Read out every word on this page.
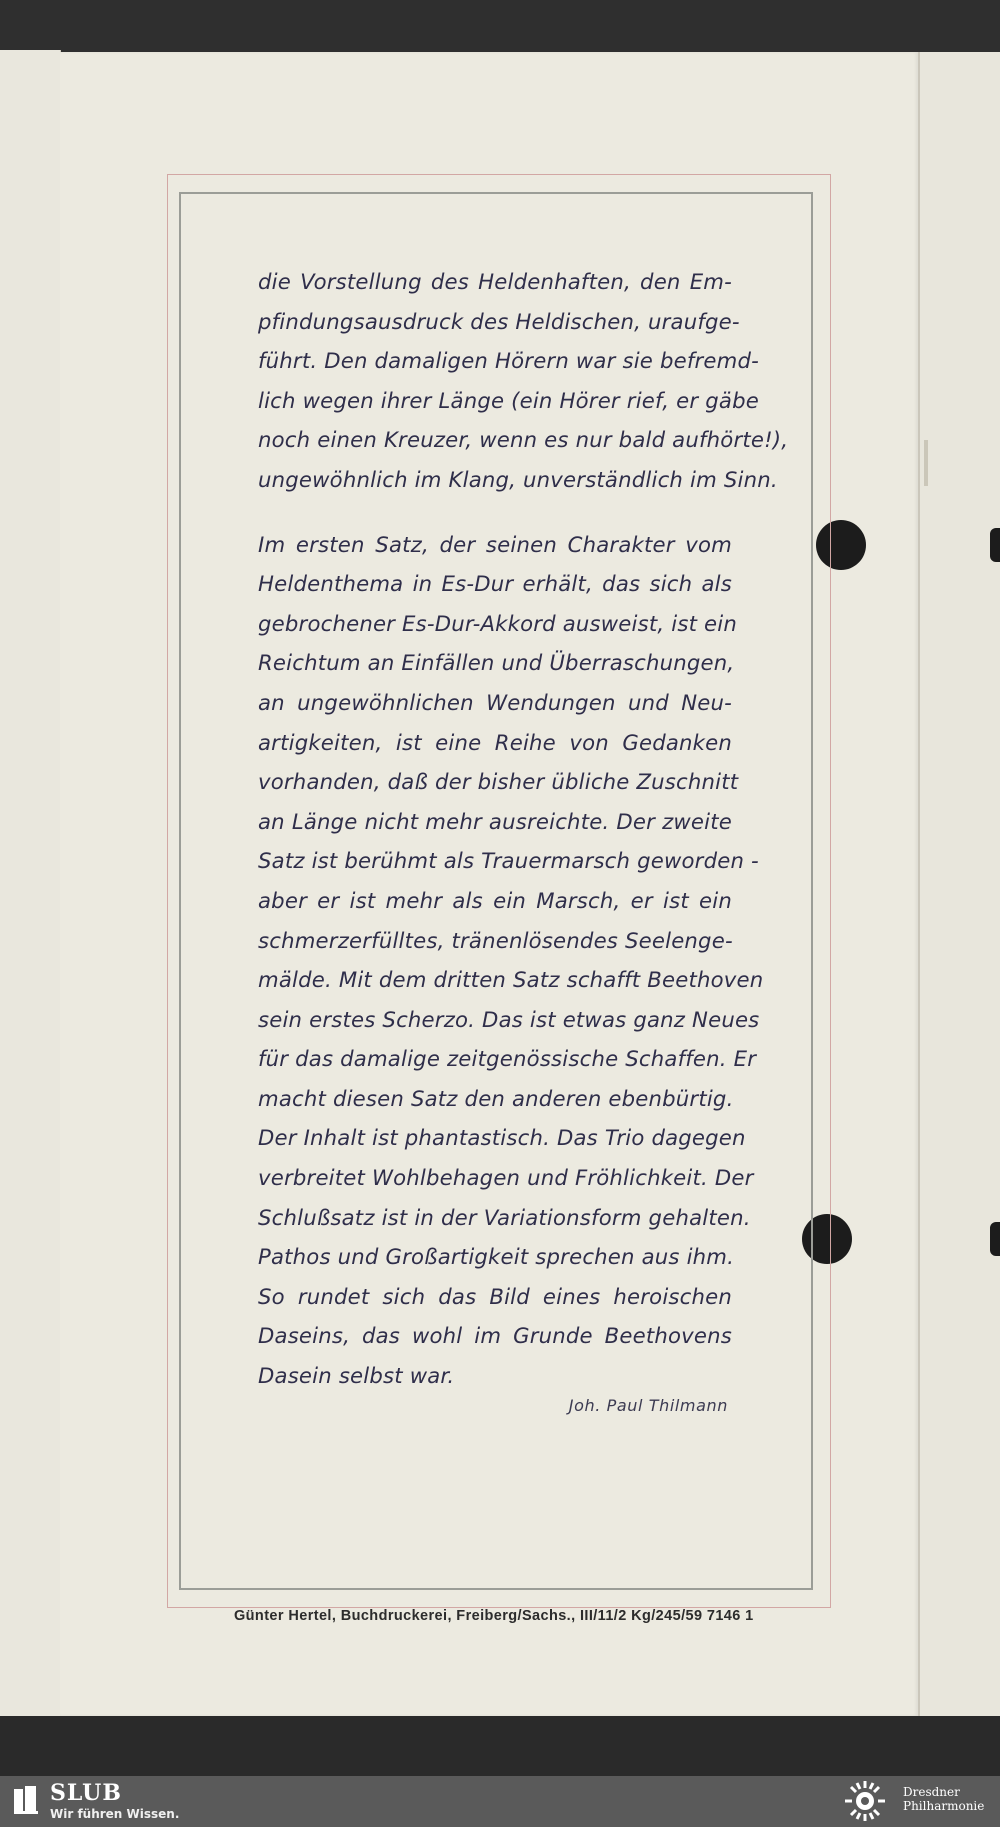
die Vorstellung des Heldenhaften, den Em-
pfindungsausdruck des Heldischen, uraufge-
führt. Den damaligen Hörern war sie befremd-
lich wegen ihrer Länge (ein Hörer rief, er gäbe
noch einen Kreuzer, wenn es nur bald aufhörte!),
ungewöhnlich im Klang, unverständlich im Sinn.

Im ersten Satz, der seinen Charakter vom
Heldenthema in Es-Dur erhält, das sich als
gebrochener Es-Dur-Akkord ausweist, ist ein
Reichtum an Einfällen und Überraschungen,
an ungewöhnlichen Wendungen und Neu-
artigkeiten, ist eine Reihe von Gedanken
vorhanden, daß der bisher übliche Zuschnitt
an Länge nicht mehr ausreichte. Der zweite
Satz ist berühmt als Trauermarsch geworden -
aber er ist mehr als ein Marsch, er ist ein
schmerzerfülltes, tränenlösendes Seelenge-
mälde. Mit dem dritten Satz schafft Beethoven
sein erstes Scherzo. Das ist etwas ganz Neues
für das damalige zeitgenössische Schaffen. Er
macht diesen Satz den anderen ebenbürtig.
Der Inhalt ist phantastisch. Das Trio dagegen
verbreitet Wohlbehagen und Fröhlichkeit. Der
Schlußsatz ist in der Variationsform gehalten.
Pathos und Großartigkeit sprechen aus ihm.
So rundet sich das Bild eines heroischen
Daseins, das wohl im Grunde Beethovens
Dasein selbst war.

Joh. Paul Thilmann
Günter Hertel, Buchdruckerei, Freiberg/Sachs., III/11/2 Kg/245/59 7146 1
SLUB
Wir führen Wissen.
Dresdner
Philharmonie
